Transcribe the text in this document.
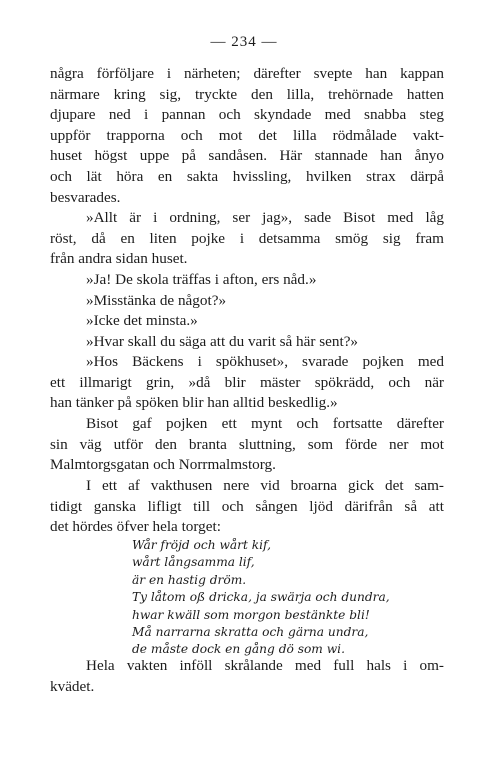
— 234 —
några förföljare i närheten; därefter svepte han kappan
närmare kring sig, tryckte den lilla, trehörnade hatten
djupare ned i pannan och skyndade med snabba steg
uppför trapporna och mot det lilla rödmålade vakt-
huset högst uppe på sandåsen. Här stannade han ånyo
och lät höra en sakta hvissling, hvilken strax därpå
besvarades.
»Allt är i ordning, ser jag», sade Bisot med låg
röst, då en liten pojke i detsamma smög sig fram
från andra sidan huset.
»Ja! De skola träffas i afton, ers nåd.»
»Misstänka de något?»
»Icke det minsta.»
»Hvar skall du säga att du varit så här sent?»
»Hos Bäckens i spökhuset», svarade pojken med
ett illmarigt grin, »då blir mäster spökrädd, och när
han tänker på spöken blir han alltid beskedlig.»
Bisot gaf pojken ett mynt och fortsatte därefter
sin väg utför den branta sluttning, som förde ner mot
Malmtorgsgatan och Norrmalmstorg.
I ett af vakthusen nere vid broarna gick det sam-
tidigt ganska lifligt till och sången ljöd därifrån så att
det hördes öfver hela torget:
Wår fröjd och wårt kif,
wårt långsamma lif,
är en hastig dröm.
Ty låtom oß dricka, ja swärja och dundra,
hwar kwäll som morgon bestänkte bli!
Må narrarna skratta och gärna undra,
de måste dock en gång dö som wi.
Hela vakten inföll skrålande med full hals i om-
kvädet.
